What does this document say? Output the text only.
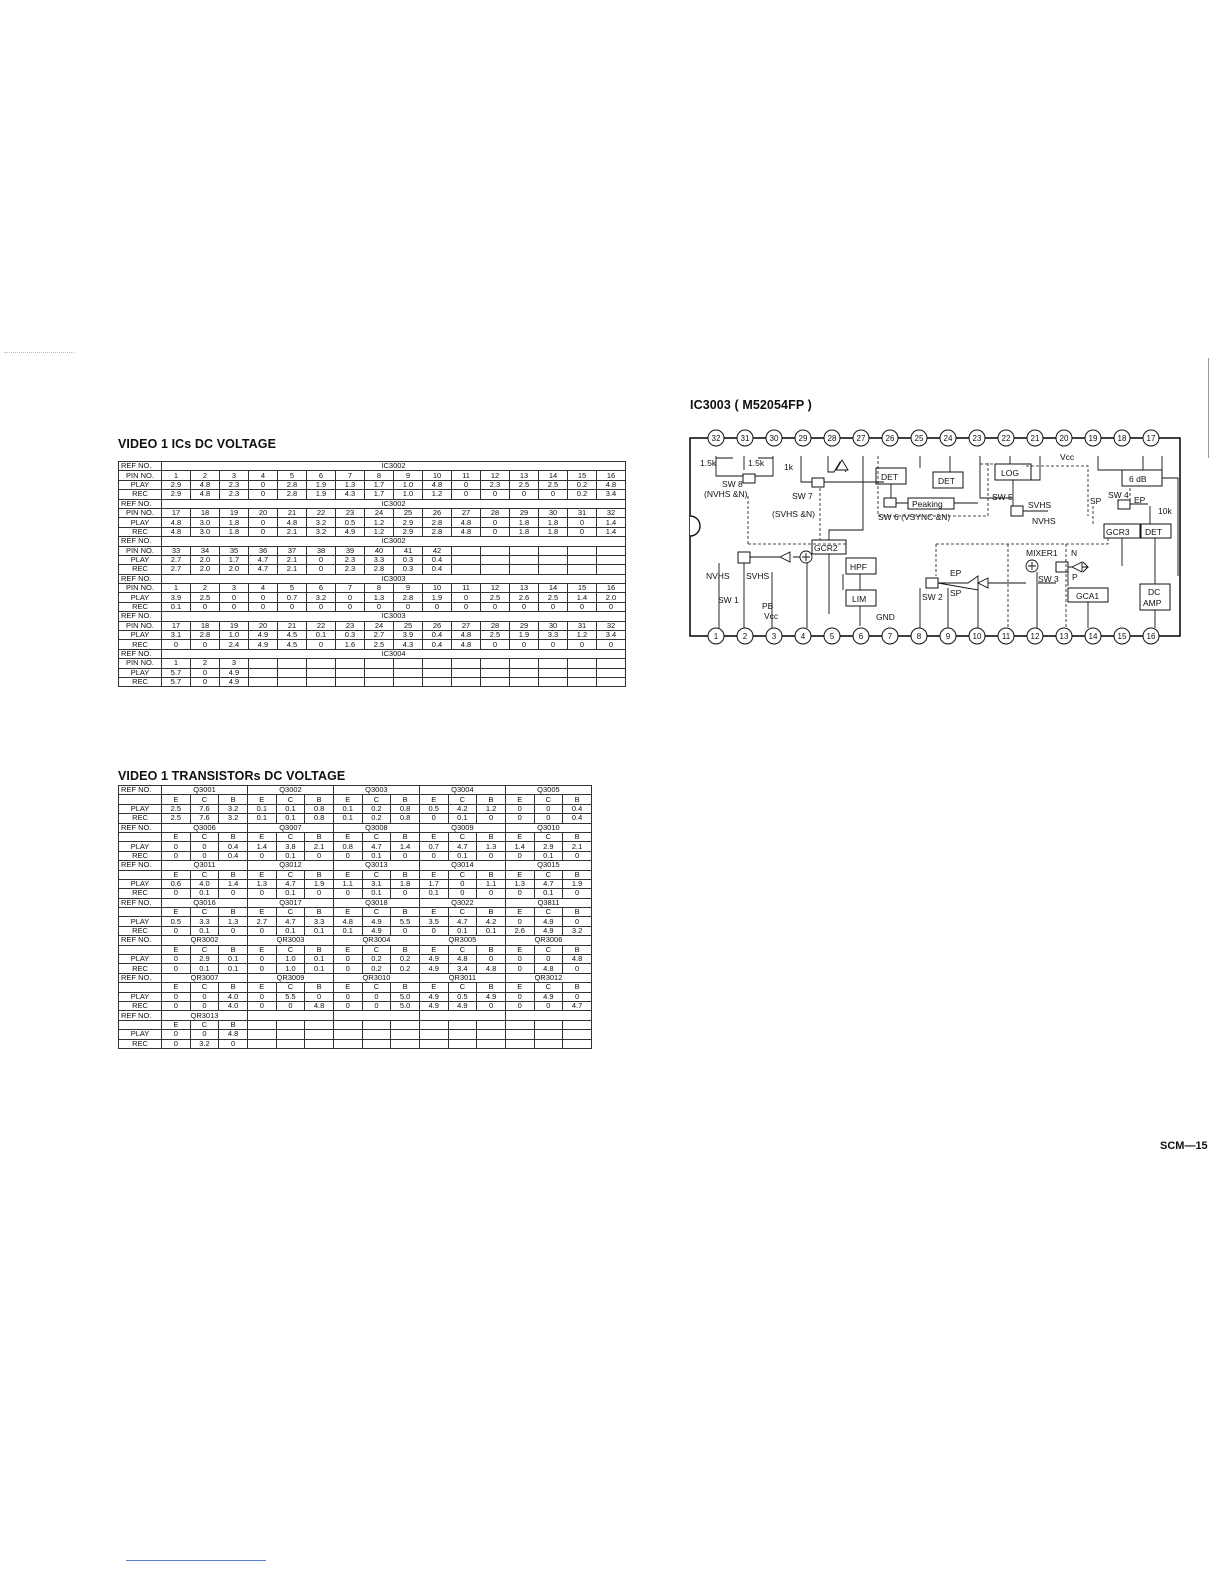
VIDEO 1 ICs DC VOLTAGE
REF NO.	IC3002															
PIN NO.	1	2	3	4	5	6	7	8	9	10	11	12	13	14	15	16
PLAY	2.9	4.8	2.3	0	2.8	1.9	1.3	1.7	1.0	4.8	0	2.3	2.5	2.5	0.2	4.8
REC	2.9	4.8	2.3	0	2.8	1.9	4.3	1.7	1.0	1.2	0	0	0	0	0.2	3.4
REF NO.	IC3002															
PIN NO.	17	18	19	20	21	22	23	24	25	26	27	28	29	30	31	32
PLAY	4.8	3.0	1.8	0	4.8	3.2	0.5	1.2	2.9	2.8	4.8	0	1.8	1.8	0	1.4
REC	4.8	3.0	1.8	0	2.1	3.2	4.9	1.2	2.9	2.8	4.8	0	1.8	1.8	0	1.4
REF NO.	IC3002															
PIN NO.	33	34	35	36	37	38	39	40	41	42						
PLAY	2.7	2.0	1.7	4.7	2.1	0	2.3	3.3	0.3	0.4						
REC	2.7	2.0	2.0	4.7	2.1	0	2.3	2.8	0.3	0.4						
REF NO.	IC3003															
PIN NO.	1	2	3	4	5	6	7	8	9	10	11	12	13	14	15	16
PLAY	3.9	2.5	0	0	0.7	3.2	0	1.3	2.8	1.9	0	2.5	2.6	2.5	1.4	2.0
REC	0.1	0	0	0	0	0	0	0	0	0	0	0	0	0	0	0
REF NO.	IC3003															
PIN NO.	17	18	19	20	21	22	23	24	25	26	27	28	29	30	31	32
PLAY	3.1	2.8	1.0	4.9	4.5	0.1	0.3	2.7	3.9	0.4	4.8	2.5	1.9	3.3	1.2	3.4
REC	0	0	2.4	4.9	4.5	0	1.6	2.5	4.3	0.4	4.8	0	0	0	0	0
REF NO.	IC3004															
PIN NO.	1	2	3													
PLAY	5.7	0	4.9													
REC	5.7	0	4.9													
VIDEO 1 TRANSISTORs DC VOLTAGE
REF NO.	Q3001			Q3002			Q3003			Q3004			Q3005		
	E	C	B	E	C	B	E	C	B	E	C	B	E	C	B
PLAY	2.5	7.6	3.2	0.1	0.1	0.8	0.1	0.2	0.8	0.5	4.2	1.2	0	0	0.4
REC	2.5	7.6	3.2	0.1	0.1	0.8	0.1	0.2	0.8	0	0.1	0	0	0	0.4
REF NO.	Q3006			Q3007			Q3008			Q3009			Q3010		
	E	C	B	E	C	B	E	C	B	E	C	B	E	C	B
PLAY	0	0	0.4	1.4	3.8	2.1	0.8	4.7	1.4	0.7	4.7	1.3	1.4	2.9	2.1
REC	0	0	0.4	0	0.1	0	0	0.1	0	0	0.1	0	0	0.1	0
REF NO.	Q3011			Q3012			Q3013			Q3014			Q3015		
	E	C	B	E	C	B	E	C	B	E	C	B	E	C	B
PLAY	0.6	4.0	1.4	1.3	4.7	1.9	1.1	3.1	1.8	1.7	0	1.1	1.3	4.7	1.9
REC	0	0.1	0	0	0.1	0	0	0.1	0	0.1	0	0	0	0.1	0
REF NO.	Q3016			Q3017			Q3018			Q3022			Q3811		
	E	C	B	E	C	B	E	C	B	E	C	B	E	C	B
PLAY	0.5	3.3	1.3	2.7	4.7	3.3	4.8	4.9	5.5	3.5	4.7	4.2	0	4.9	0
REC	0	0.1	0	0	0.1	0.1	0.1	4.9	0	0	0.1	0.1	2.6	4.9	3.2
REF NO.	QR3002			QR3003			QR3004			QR3005			QR3006		
	E	C	B	E	C	B	E	C	B	E	C	B	E	C	B
PLAY	0	2.9	0.1	0	1.0	0.1	0	0.2	0.2	4.9	4.8	0	0	0	4.8
REC	0	0.1	0.1	0	1.0	0.1	0	0.2	0.2	4.9	3.4	4.8	0	4.8	0
REF NO.	QR3007			QR3009			QR3010			QR3011			QR3012		
	E	C	B	E	C	B	E	C	B	E	C	B	E	C	B
PLAY	0	0	4.0	0	5.5	0	0	0	5.0	4.9	0.5	4.9	0	4.9	0
REC	0	0	4.0	0	0	4.8	0	0	5.0	4.9	4.9	0	0	0	4.7
REF NO.	QR3013														
	E	C	B												
PLAY	0	0	4.8												
REC	0	3.2	0												
IC3003 ( M52054FP )
32	31	30	29	28	27	26	25	24	23	22	21	20	19	18	17
1	2	3	4	5	6	7	8	9	10	11	12	13	14	15	16
1.5k	1.5k 1k
Vcc
SW 8
(NVHS &N)	SW 7
(SVHS &N)
DET	DET
Peaking
SW 6 (VSYNC &N)
LOG
SW 5
SVHS
NVHS
6 dB
SP
SW 4 EP
10k
GCR3 DET
GCR2
HPF
LIM
NVHS SVHS
SW 1
PB
Vcc	GND
MIXER1 N
SW 3 P
EP
SW 2 SP	GCA1	DC
AMP
SCM—15
